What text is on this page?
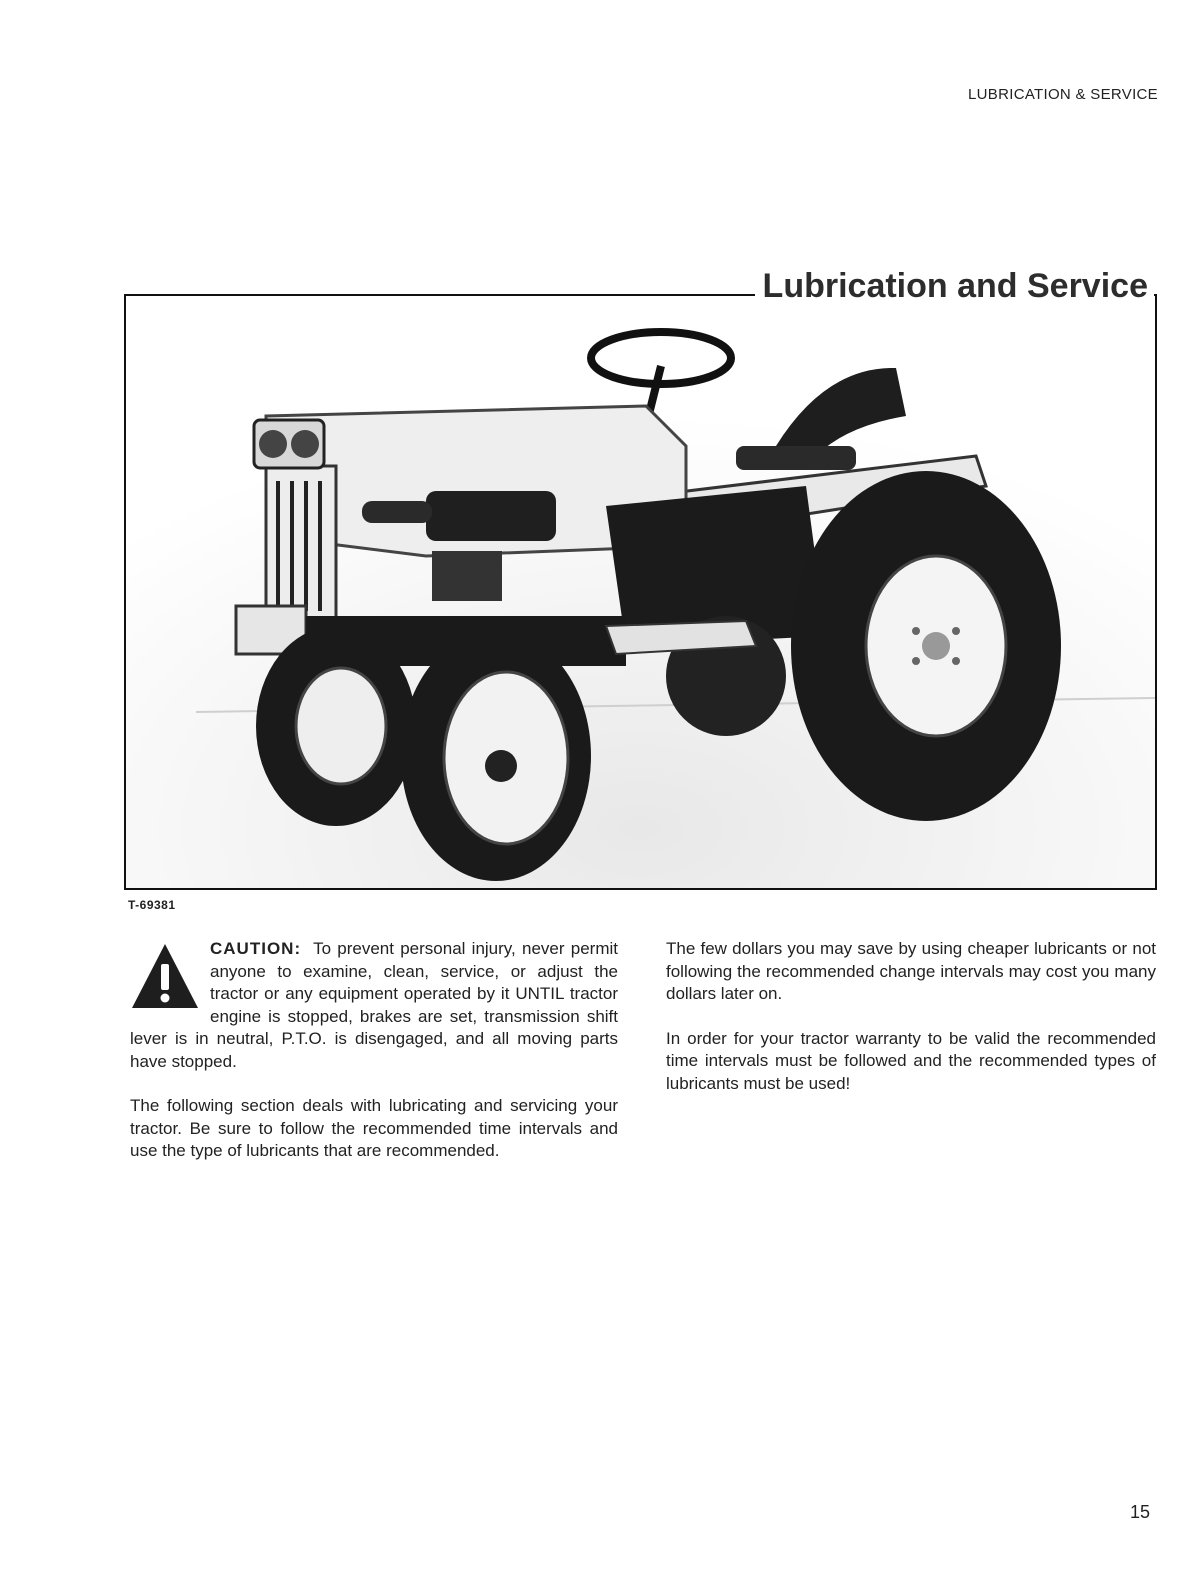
LUBRICATION & SERVICE
Lubrication and Service
T-69381

CAUTION: To prevent personal injury, never permit anyone to examine, clean, service, or adjust the tractor or any equipment operated by it UNTIL tractor engine is stopped, brakes are set, transmission shift lever is in neutral, P.T.O. is disengaged, and all moving parts have stopped.

The following section deals with lubricating and servicing your tractor. Be sure to follow the recommended time intervals and use the type of lubricants that are recommended.

The few dollars you may save by using cheaper lubricants or not following the recommended change intervals may cost you many dollars later on.

In order for your tractor warranty to be valid the recommended time intervals must be followed and the recommended types of lubricants must be used!

15
